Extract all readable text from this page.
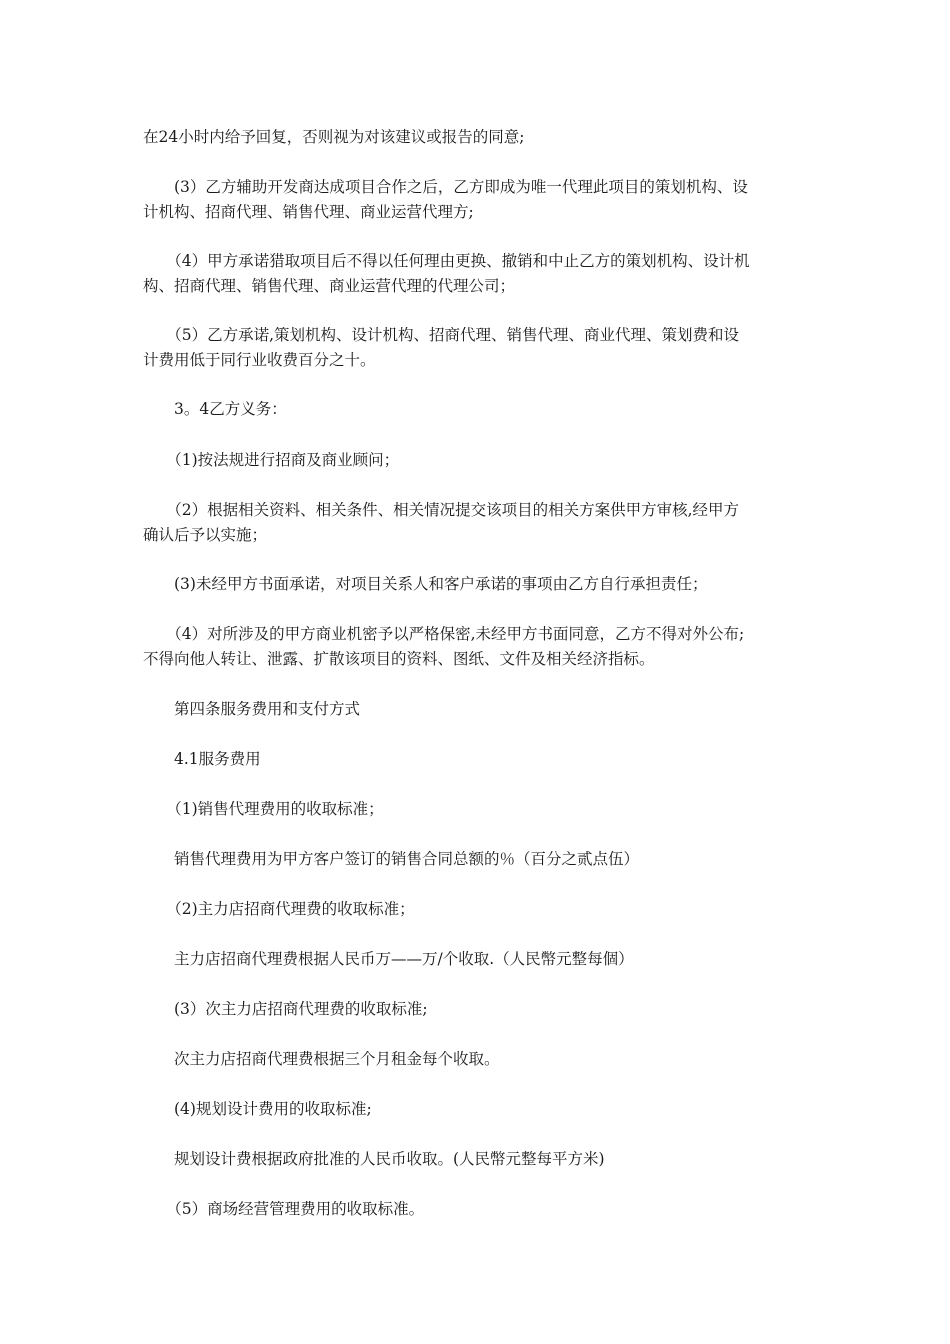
在24小时内给予回复，否则视为对该建议或报告的同意;
　　(3）乙方辅助开发商达成项目合作之后，乙方即成为唯一代理此项目的策划机构、设
计机构、招商代理、销售代理、商业运营代理方;
　　（4）甲方承诺猎取项目后不得以任何理由更换、撤销和中止乙方的策划机构、设计机
构、招商代理、销售代理、商业运营代理的代理公司；
　　（5）乙方承诺,策划机构、设计机构、招商代理、销售代理、商业代理、策划费和设
计费用低于同行业收费百分之十。
　　3。4乙方义务：
　　（1)按法规进行招商及商业顾问；
　　（2）根据相关资料、相关条件、相关情况提交该项目的相关方案供甲方审核,经甲方
确认后予以实施；
　　(3)未经甲方书面承诺，对项目关系人和客户承诺的事项由乙方自行承担责任；
　　（4）对所涉及的甲方商业机密予以严格保密,未经甲方书面同意，乙方不得对外公布;
不得向他人转让、泄露、扩散该项目的资料、图纸、文件及相关经济指标。
　　第四条服务费用和支付方式
　　4.1服务费用
　　（1)销售代理费用的收取标准；
　　销售代理费用为甲方客户签订的销售合同总额的％（百分之贰点伍）
　　（2)主力店招商代理费的收取标准；
　　主力店招商代理费根据人民币万——万/个收取.（人民幣元整每個）
　　(3）次主力店招商代理费的收取标准;
　　次主力店招商代理费根据三个月租金每个收取。
　　(4)规划设计费用的收取标准;
　　规划设计费根据政府批准的人民币收取。(人民幣元整每平方米)
　　（5）商场经营管理费用的收取标准。
